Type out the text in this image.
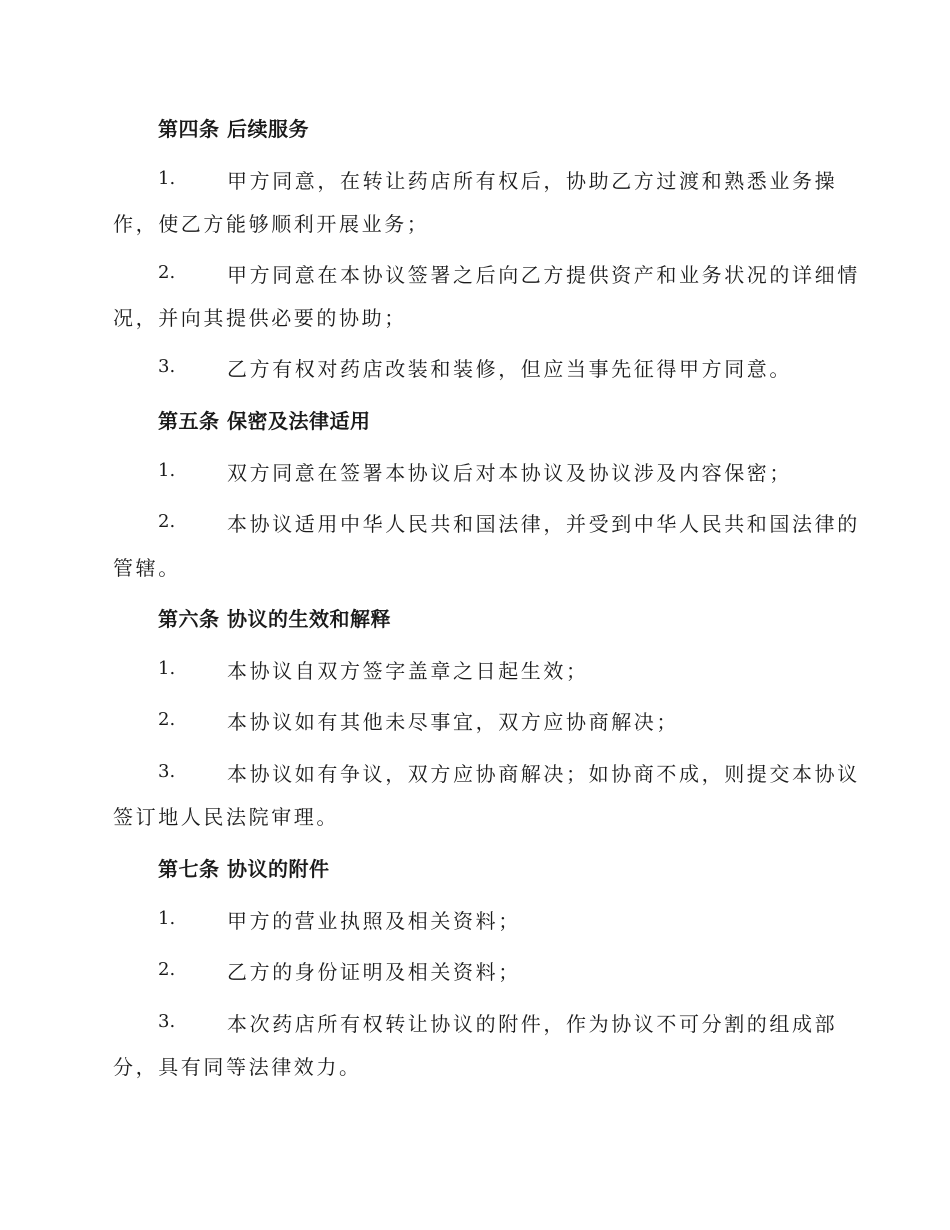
第四条 后续服务
1.	甲方同意，在转让药店所有权后，协助乙方过渡和熟悉业务操
作，使乙方能够顺利开展业务；
2.	甲方同意在本协议签署之后向乙方提供资产和业务状况的详细情
况，并向其提供必要的协助；
3.	乙方有权对药店改装和装修，但应当事先征得甲方同意。
第五条 保密及法律适用
1.	双方同意在签署本协议后对本协议及协议涉及内容保密；
2.	本协议适用中华人民共和国法律，并受到中华人民共和国法律的
管辖。
第六条 协议的生效和解释
1.	本协议自双方签字盖章之日起生效；
2.	本协议如有其他未尽事宜，双方应协商解决；
3.	本协议如有争议，双方应协商解决；如协商不成，则提交本协议
签订地人民法院审理。
第七条 协议的附件
1.	甲方的营业执照及相关资料；
2.	乙方的身份证明及相关资料；
3.	本次药店所有权转让协议的附件，作为协议不可分割的组成部
分，具有同等法律效力。
